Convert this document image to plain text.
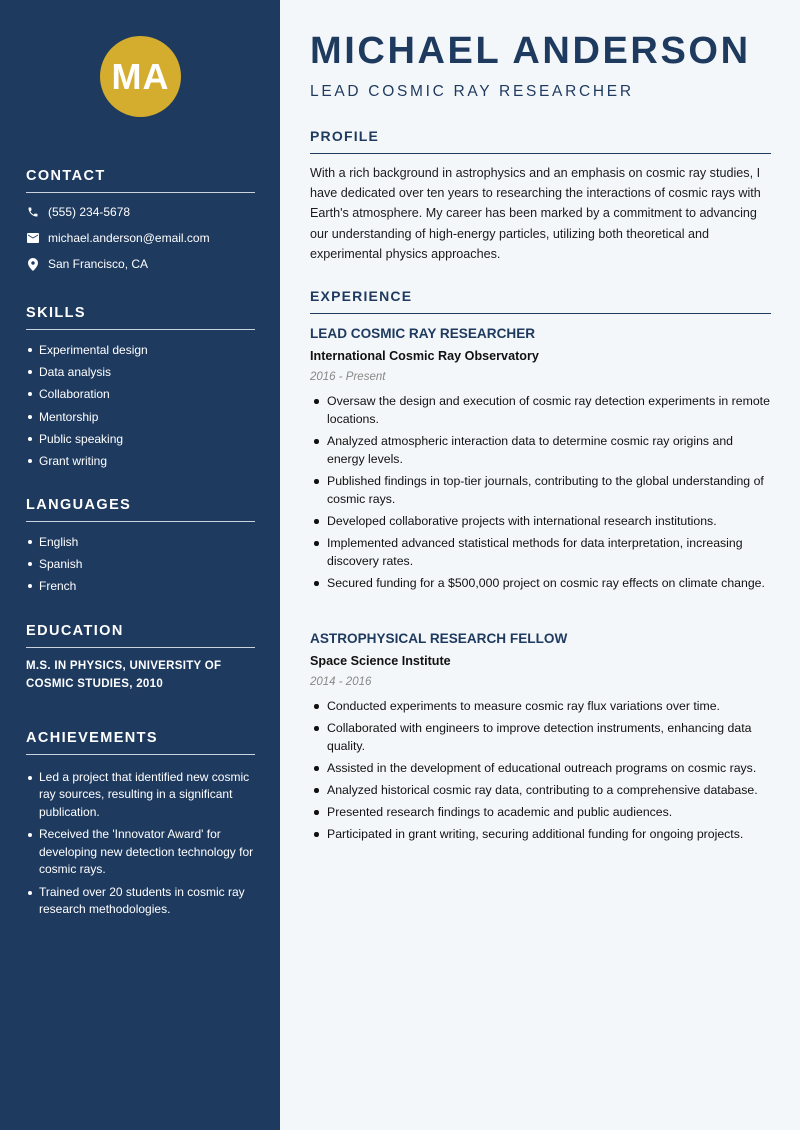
MA
CONTACT
(555) 234-5678
michael.anderson@email.com
San Francisco, CA
SKILLS
Experimental design
Data analysis
Collaboration
Mentorship
Public speaking
Grant writing
LANGUAGES
English
Spanish
French
EDUCATION
M.S. IN PHYSICS, UNIVERSITY OF COSMIC STUDIES, 2010
ACHIEVEMENTS
Led a project that identified new cosmic ray sources, resulting in a significant publication.
Received the 'Innovator Award' for developing new detection technology for cosmic rays.
Trained over 20 students in cosmic ray research methodologies.
MICHAEL ANDERSON
LEAD COSMIC RAY RESEARCHER
PROFILE
With a rich background in astrophysics and an emphasis on cosmic ray studies, I have dedicated over ten years to researching the interactions of cosmic rays with Earth's atmosphere. My career has been marked by a commitment to advancing our understanding of high-energy particles, utilizing both theoretical and experimental physics approaches.
EXPERIENCE
LEAD COSMIC RAY RESEARCHER
International Cosmic Ray Observatory
2016 - Present
Oversaw the design and execution of cosmic ray detection experiments in remote locations.
Analyzed atmospheric interaction data to determine cosmic ray origins and energy levels.
Published findings in top-tier journals, contributing to the global understanding of cosmic rays.
Developed collaborative projects with international research institutions.
Implemented advanced statistical methods for data interpretation, increasing discovery rates.
Secured funding for a $500,000 project on cosmic ray effects on climate change.
ASTROPHYSICAL RESEARCH FELLOW
Space Science Institute
2014 - 2016
Conducted experiments to measure cosmic ray flux variations over time.
Collaborated with engineers to improve detection instruments, enhancing data quality.
Assisted in the development of educational outreach programs on cosmic rays.
Analyzed historical cosmic ray data, contributing to a comprehensive database.
Presented research findings to academic and public audiences.
Participated in grant writing, securing additional funding for ongoing projects.
